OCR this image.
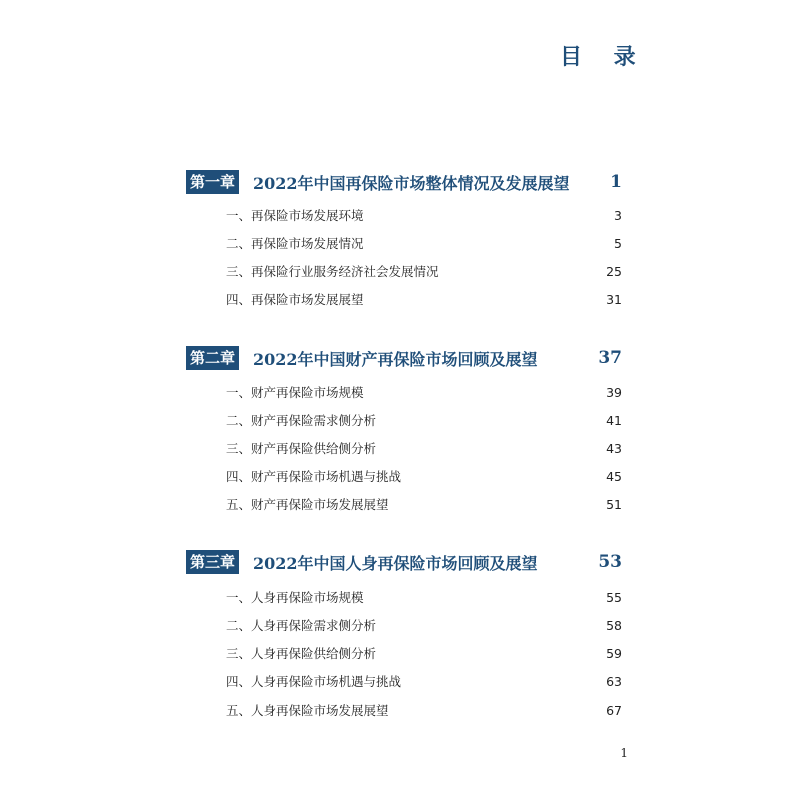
目 录
第一章 2022年中国再保险市场整体情况及发展展望	1
一、再保险市场发展环境	3
二、再保险市场发展情况	5
三、再保险行业服务经济社会发展情况	25
四、再保险市场发展展望	31
第二章 2022年中国财产再保险市场回顾及展望	37
一、财产再保险市场规模	39
二、财产再保险需求侧分析	41
三、财产再保险供给侧分析	43
四、财产再保险市场机遇与挑战	45
五、财产再保险市场发展展望	51
第三章 2022年中国人身再保险市场回顾及展望	53
一、人身再保险市场规模	55
二、人身再保险需求侧分析	58
三、人身再保险供给侧分析	59
四、人身再保险市场机遇与挑战	63
五、人身再保险市场发展展望	67
1
